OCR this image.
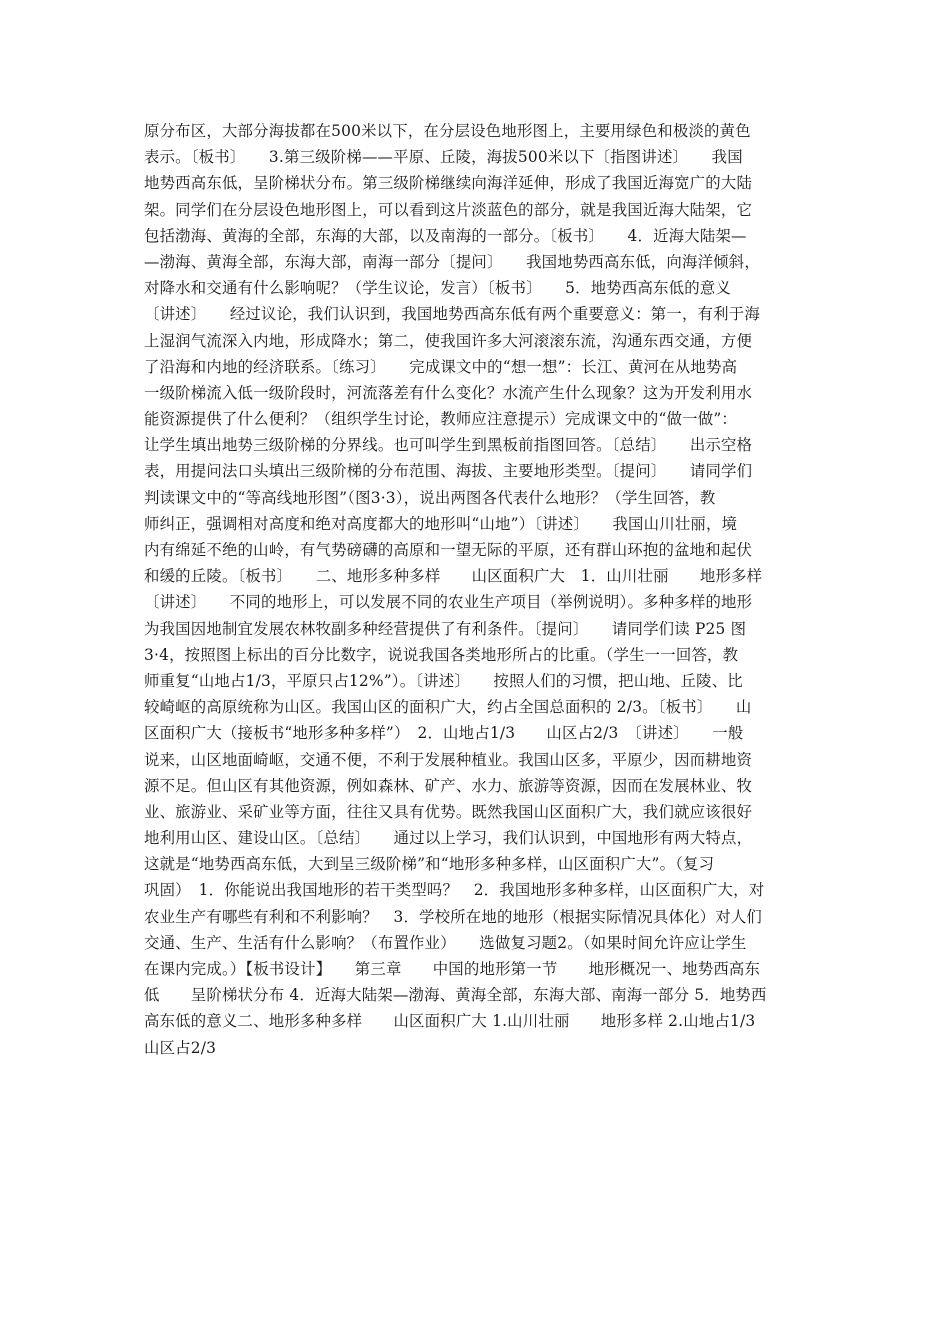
原分布区，大部分海拔都在500米以下，在分层设色地形图上，主要用绿色和极淡的黄色
表示。〔板书〕　　3.第三级阶梯——平原、丘陵，海拔500米以下〔指图讲述〕　　我国
地势西高东低，呈阶梯状分布。第三级阶梯继续向海洋延伸，形成了我国近海宽广的大陆
架。同学们在分层设色地形图上，可以看到这片淡蓝色的部分，就是我国近海大陆架，它
包括渤海、黄海的全部，东海的大部，以及南海的一部分。〔板书〕　　4．近海大陆架—
—渤海、黄海全部，东海大部，南海一部分〔提问〕　　我国地势西高东低，向海洋倾斜，
对降水和交通有什么影响呢？（学生议论，发言）〔板书〕　　5．地势西高东低的意义
〔讲述〕　　经过议论，我们认识到，我国地势西高东低有两个重要意义：第一，有利于海
上湿润气流深入内地，形成降水；第二，使我国许多大河滚滚东流，沟通东西交通，方便
了沿海和内地的经济联系。〔练习〕　　完成课文中的“想一想”：长江、黄河在从地势高
一级阶梯流入低一级阶段时，河流落差有什么变化？水流产生什么现象？这为开发利用水
能资源提供了什么便利？（组织学生讨论，教师应注意提示）完成课文中的“做一做”：
让学生填出地势三级阶梯的分界线。也可叫学生到黑板前指图回答。〔总结〕　　出示空格
表，用提问法口头填出三级阶梯的分布范围、海拔、主要地形类型。〔提问〕　　请同学们
判读课文中的“等高线地形图”（图3·3），说出两图各代表什么地形？（学生回答，教
师纠正，强调相对高度和绝对高度都大的地形叫“山地”）〔讲述〕　　我国山川壮丽，境
内有绵延不绝的山岭，有气势磅礴的高原和一望无际的平原，还有群山环抱的盆地和起伏
和缓的丘陵。〔板书〕　　二、地形多种多样　　山区面积广大　1．山川壮丽　　地形多样
〔讲述〕　　不同的地形上，可以发展不同的农业生产项目（举例说明）。多种多样的地形
为我国因地制宜发展农林牧副多种经营提供了有利条件。〔提问〕　　请同学们读 P25 图
3·4，按照图上标出的百分比数字，说说我国各类地形所占的比重。（学生一一回答，教
师重复“山地占1/3，平原只占12%”）。〔讲述〕　　按照人们的习惯，把山地、丘陵、比
较崎岖的高原统称为山区。我国山区的面积广大，约占全国总面积的 2/3。〔板书〕　　山
区面积广大（接板书“地形多种多样”）　2．山地占1/3　　山区占2/3　〔讲述〕　　一般
说来，山区地面崎岖，交通不便，不利于发展种植业。我国山区多，平原少，因而耕地资
源不足。但山区有其他资源，例如森林、矿产、水力、旅游等资源，因而在发展林业、牧
业、旅游业、采矿业等方面，往往又具有优势。既然我国山区面积广大，我们就应该很好
地利用山区、建设山区。〔总结〕　　通过以上学习，我们认识到，中国地形有两大特点，
这就是“地势西高东低，大到呈三级阶梯”和“地形多种多样，山区面积广大”。（复习
巩固）　1．你能说出我国地形的若干类型吗？　2．我国地形多种多样，山区面积广大，对
农业生产有哪些有利和不利影响？　3．学校所在地的地形（根据实际情况具体化）对人们
交通、生产、生活有什么影响？（布置作业）　　选做复习题2。（如果时间允许应让学生
在课内完成。）【板书设计】　　第三章　　中国的地形第一节　　地形概况一、地势西高东
低　　呈阶梯状分布 4．近海大陆架—渤海、黄海全部，东海大部、南海一部分 5．地势西
高东低的意义二、地形多种多样　　山区面积广大 1.山川壮丽　　地形多样 2.山地占1/3
山区占2/3
